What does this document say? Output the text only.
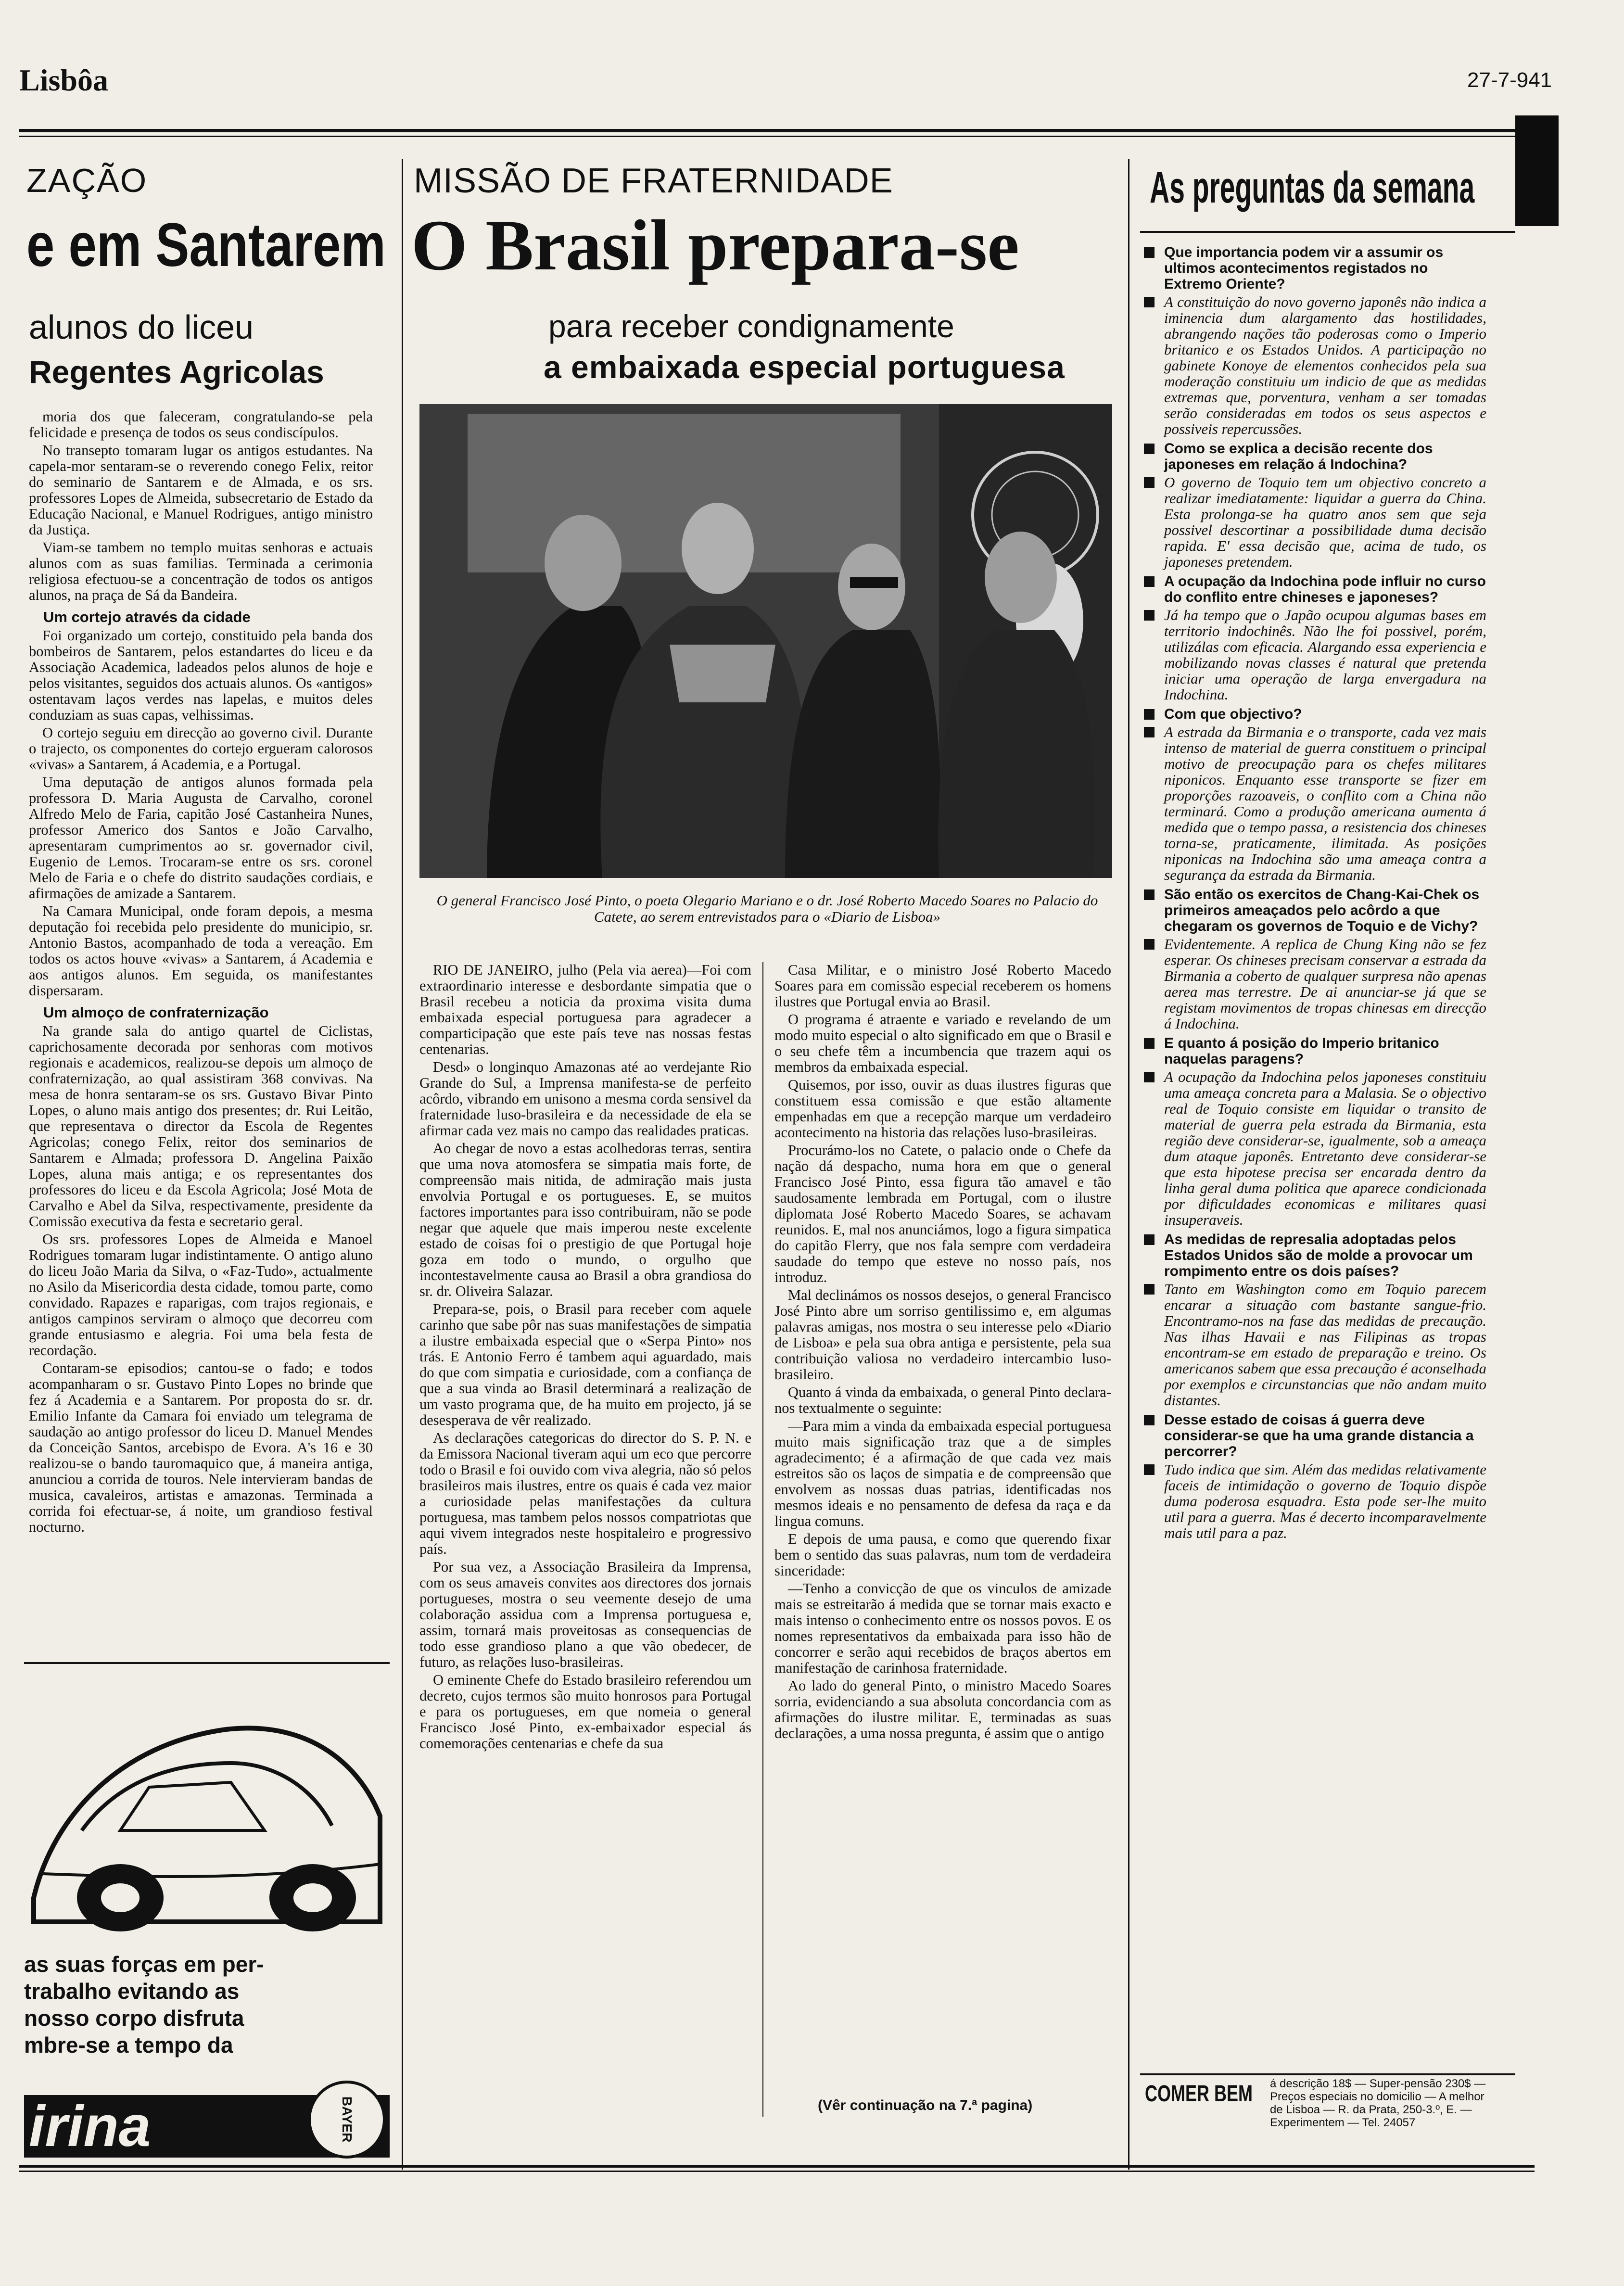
Lisbôa	27-7-941
ZAÇÃO
e em Santarem
alunos do liceu
Regentes Agricolas

moria dos que faleceram, congratulando-se pela felicidade e presença de todos os seus condiscípulos.

No transepto tomaram lugar os antigos estudantes. Na capela-mor sentaram-se o reverendo conego Felix, reitor do seminario de Santarem e de Almada, e os srs. professores Lopes de Almeida, subsecretario de Estado da Educação Nacional, e Manuel Rodrigues, antigo ministro da Justiça.

Viam-se tambem no templo muitas senhoras e actuais alunos com as suas familias. Terminada a cerimonia religiosa efectuou-se a concentração de todos os antigos alunos, na praça de Sá da Bandeira.

Um cortejo através da cidade

Foi organizado um cortejo, constituido pela banda dos bombeiros de Santarem, pelos estandartes do liceu e da Associação Academica, ladeados pelos alunos de hoje e pelos visitantes, seguidos dos actuais alunos. Os «antigos» ostentavam laços verdes nas lapelas, e muitos deles conduziam as suas capas, velhissimas.

O cortejo seguiu em direcção ao governo civil. Durante o trajecto, os componentes do cortejo ergueram calorosos «vivas» a Santarem, á Academia, e a Portugal.

Uma deputação de antigos alunos formada pela professora D. Maria Augusta de Carvalho, coronel Alfredo Melo de Faria, capitão José Castanheira Nunes, professor Americo dos Santos e João Carvalho, apresentaram cumprimentos ao sr. governador civil, Eugenio de Lemos. Trocaram-se entre os srs. coronel Melo de Faria e o chefe do distrito saudações cordiais, e afirmações de amizade a Santarem.

Na Camara Municipal, onde foram depois, a mesma deputação foi recebida pelo presidente do municipio, sr. Antonio Bastos, acompanhado de toda a vereação. Em todos os actos houve «vivas» a Santarem, á Academia e aos antigos alunos. Em seguida, os manifestantes dispersaram.

Um almoço de confraternização

Na grande sala do antigo quartel de Ciclistas, caprichosamente decorada por senhoras com motivos regionais e academicos, realizou-se depois um almoço de confraternização, ao qual assistiram 368 convivas. Na mesa de honra sentaram-se os srs. Gustavo Bivar Pinto Lopes, o aluno mais antigo dos presentes; dr. Rui Leitão, que representava o director da Escola de Regentes Agricolas; conego Felix, reitor dos seminarios de Santarem e Almada; professora D. Angelina Paixão Lopes, aluna mais antiga; e os representantes dos professores do liceu e da Escola Agricola; José Mota de Carvalho e Abel da Silva, respectivamente, presidente da Comissão executiva da festa e secretario geral.

Os srs. professores Lopes de Almeida e Manoel Rodrigues tomaram lugar indistintamente. O antigo aluno do liceu João Maria da Silva, o «Faz-Tudo», actualmente no Asilo da Misericordia desta cidade, tomou parte, como convidado. Rapazes e raparigas, com trajos regionais, e antigos campinos serviram o almoço que decorreu com grande entusiasmo e alegria. Foi uma bela festa de recordação.

Contaram-se episodios; cantou-se o fado; e todos acompanharam o sr. Gustavo Pinto Lopes no brinde que fez á Academia e a Santarem. Por proposta do sr. dr. Emilio Infante da Camara foi enviado um telegrama de saudação ao antigo professor do liceu D. Manuel Mendes da Conceição Santos, arcebispo de Evora. A's 16 e 30 realizou-se o bando tauromaquico que, á maneira antiga, anunciou a corrida de touros. Nele intervieram bandas de musica, cavaleiros, artistas e amazonas. Terminada a corrida foi efectuar-se, á noite, um grandioso festival nocturno.

as suas forças em per-
trabalho evitando as
nosso corpo disfruta
mbre-se a tempo da
irina	BAYER
MISSÃO DE FRATERNIDADE
O Brasil prepara-se
para receber condignamente
a embaixada especial portuguesa
O general Francisco José Pinto, o poeta Olegario Mariano e o dr. José Roberto Macedo Soares no Palacio do Catete, ao serem entrevistados para o «Diario de Lisboa»

RIO DE JANEIRO, julho (Pela via aerea)—Foi com extraordinario interesse e desbordante simpatia que o Brasil recebeu a noticia da proxima visita duma embaixada especial portuguesa para agradecer a comparticipação que este país teve nas nossas festas centenarias.

Desd» o longinquo Amazonas até ao verdejante Rio Grande do Sul, a Imprensa manifesta-se de perfeito acôrdo, vibrando em unisono a mesma corda sensivel da fraternidade luso-brasileira e da necessidade de ela se afirmar cada vez mais no campo das realidades praticas.

Ao chegar de novo a estas acolhedoras terras, sentira que uma nova atomosfera se simpatia mais forte, de compreensão mais nitida, de admiração mais justa envolvia Portugal e os portugueses. E, se muitos factores importantes para isso contribuiram, não se pode negar que aquele que mais imperou neste excelente estado de coisas foi o prestigio de que Portugal hoje goza em todo o mundo, o orgulho que incontestavelmente causa ao Brasil a obra grandiosa do sr. dr. Oliveira Salazar.

Prepara-se, pois, o Brasil para receber com aquele carinho que sabe pôr nas suas manifestações de simpatia a ilustre embaixada especial que o «Serpa Pinto» nos trás. E Antonio Ferro é tambem aqui aguardado, mais do que com simpatia e curiosidade, com a confiança de que a sua vinda ao Brasil determinará a realização de um vasto programa que, de ha muito em projecto, já se desesperava de vêr realizado.

As declarações categoricas do director do S. P. N. e da Emissora Nacional tiveram aqui um eco que percorre todo o Brasil e foi ouvido com viva alegria, não só pelos brasileiros mais ilustres, entre os quais é cada vez maior a curiosidade pelas manifestações da cultura portuguesa, mas tambem pelos nossos compatriotas que aqui vivem integrados neste hospitaleiro e progressivo país.

Por sua vez, a Associação Brasileira da Imprensa, com os seus amaveis convites aos directores dos jornais portugueses, mostra o seu veemente desejo de uma colaboração assidua com a Imprensa portuguesa e, assim, tornará mais proveitosas as consequencias de todo esse grandioso plano a que vão obedecer, de futuro, as relações luso-brasileiras.

O eminente Chefe do Estado brasileiro referendou um decreto, cujos termos são muito honrosos para Portugal e para os portugueses, em que nomeia o general Francisco José Pinto, ex-embaixador especial ás comemorações centenarias e chefe da sua

Casa Militar, e o ministro José Roberto Macedo Soares para em comissão especial receberem os homens ilustres que Portugal envia ao Brasil.

O programa é atraente e variado e revelando de um modo muito especial o alto significado em que o Brasil e o seu chefe têm a incumbencia que trazem aqui os membros da embaixada especial.

Quisemos, por isso, ouvir as duas ilustres figuras que constituem essa comissão e que estão altamente empenhadas em que a recepção marque um verdadeiro acontecimento na historia das relações luso-brasileiras.

Procurámo-los no Catete, o palacio onde o Chefe da nação dá despacho, numa hora em que o general Francisco José Pinto, essa figura tão amavel e tão saudosamente lembrada em Portugal, com o ilustre diplomata José Roberto Macedo Soares, se achavam reunidos. E, mal nos anunciámos, logo a figura simpatica do capitão Flerry, que nos fala sempre com verdadeira saudade do tempo que esteve no nosso país, nos introduz.

Mal declinámos os nossos desejos, o general Francisco José Pinto abre um sorriso gentilissimo e, em algumas palavras amigas, nos mostra o seu interesse pelo «Diario de Lisboa» e pela sua obra antiga e persistente, pela sua contribuição valiosa no verdadeiro intercambio luso-brasileiro.

Quanto á vinda da embaixada, o general Pinto declara-nos textualmente o seguinte:

—Para mim a vinda da embaixada especial portuguesa muito mais significação traz que a de simples agradecimento; é a afirmação de que cada vez mais estreitos são os laços de simpatia e de compreensão que envolvem as nossas duas patrias, identificadas nos mesmos ideais e no pensamento de defesa da raça e da lingua comuns.

E depois de uma pausa, e como que querendo fixar bem o sentido das suas palavras, num tom de verdadeira sinceridade:

—Tenho a convicção de que os vinculos de amizade mais se estreitarão á medida que se tornar mais exacto e mais intenso o conhecimento entre os nossos povos. E os nomes representativos da embaixada para isso hão de concorrer e serão aqui recebidos de braços abertos em manifestação de carinhosa fraternidade.

Ao lado do general Pinto, o ministro Macedo Soares sorria, evidenciando a sua absoluta concordancia com as afirmações do ilustre militar. E, terminadas as suas declarações, a uma nossa pregunta, é assim que o antigo

(Vêr continuação na 7.ª pagina)
As preguntas da semana
Que importancia podem vir a assumir os ultimos acontecimentos registados no Extremo Oriente?
A constituição do novo governo japonês não indica a iminencia dum alargamento das hostilidades, abrangendo nações tão poderosas como o Imperio britanico e os Estados Unidos. A participação no gabinete Konoye de elementos conhecidos pela sua moderação constituiu um indicio de que as medidas extremas que, porventura, venham a ser tomadas serão consideradas em todos os seus aspectos e possiveis repercussões.
Como se explica a decisão recente dos japoneses em relação á Indochina?
O governo de Toquio tem um objectivo concreto a realizar imediatamente: liquidar a guerra da China. Esta prolonga-se ha quatro anos sem que seja possivel descortinar a possibilidade duma decisão rapida. E' essa decisão que, acima de tudo, os japoneses pretendem.
A ocupação da Indochina pode influir no curso do conflito entre chineses e japoneses?
Já ha tempo que o Japão ocupou algumas bases em territorio indochinês. Não lhe foi possivel, porém, utilizálas com eficacia. Alargando essa experiencia e mobilizando novas classes é natural que pretenda iniciar uma operação de larga envergadura na Indochina.
Com que objectivo?
A estrada da Birmania e o transporte, cada vez mais intenso de material de guerra constituem o principal motivo de preocupação para os chefes militares niponicos. Enquanto esse transporte se fizer em proporções razoaveis, o conflito com a China não terminará. Como a produção americana aumenta á medida que o tempo passa, a resistencia dos chineses torna-se, praticamente, ilimitada. As posições niponicas na Indochina são uma ameaça contra a segurança da estrada da Birmania.
São então os exercitos de Chang-Kai-Chek os primeiros ameaçados pelo acôrdo a que chegaram os governos de Toquio e de Vichy?
Evidentemente. A replica de Chung King não se fez esperar. Os chineses precisam conservar a estrada da Birmania a coberto de qualquer surpresa não apenas aerea mas terrestre. De ai anunciar-se já que se registam movimentos de tropas chinesas em direcção á Indochina.
E quanto á posição do Imperio britanico naquelas paragens?
A ocupação da Indochina pelos japoneses constituiu uma ameaça concreta para a Malasia. Se o objectivo real de Toquio consiste em liquidar o transito de material de guerra pela estrada da Birmania, esta região deve considerar-se, igualmente, sob a ameaça dum ataque japonês. Entretanto deve considerar-se que esta hipotese precisa ser encarada dentro da linha geral duma politica que aparece condicionada por dificuldades economicas e militares quasi insuperaveis.
As medidas de represalia adoptadas pelos Estados Unidos são de molde a provocar um rompimento entre os dois países?
Tanto em Washington como em Toquio parecem encarar a situação com bastante sangue-frio. Encontramo-nos na fase das medidas de precaução. Nas ilhas Havaii e nas Filipinas as tropas encontram-se em estado de preparação e treino. Os americanos sabem que essa precaução é aconselhada por exemplos e circunstancias que não andam muito distantes.
Desse estado de coisas á guerra deve considerar-se que ha uma grande distancia a percorrer?
Tudo indica que sim. Além das medidas relativamente faceis de intimidação o governo de Toquio dispõe duma poderosa esquadra. Esta pode ser-lhe muito util para a guerra. Mas é decerto incomparavelmente mais util para a paz.
COMER BEM á descrição 18$ — Super-pensão 230$ — Preços especiais no domicilio — A melhor de Lisboa — R. da Prata, 250-3.º, E. — Experimentem — Tel. 24057
